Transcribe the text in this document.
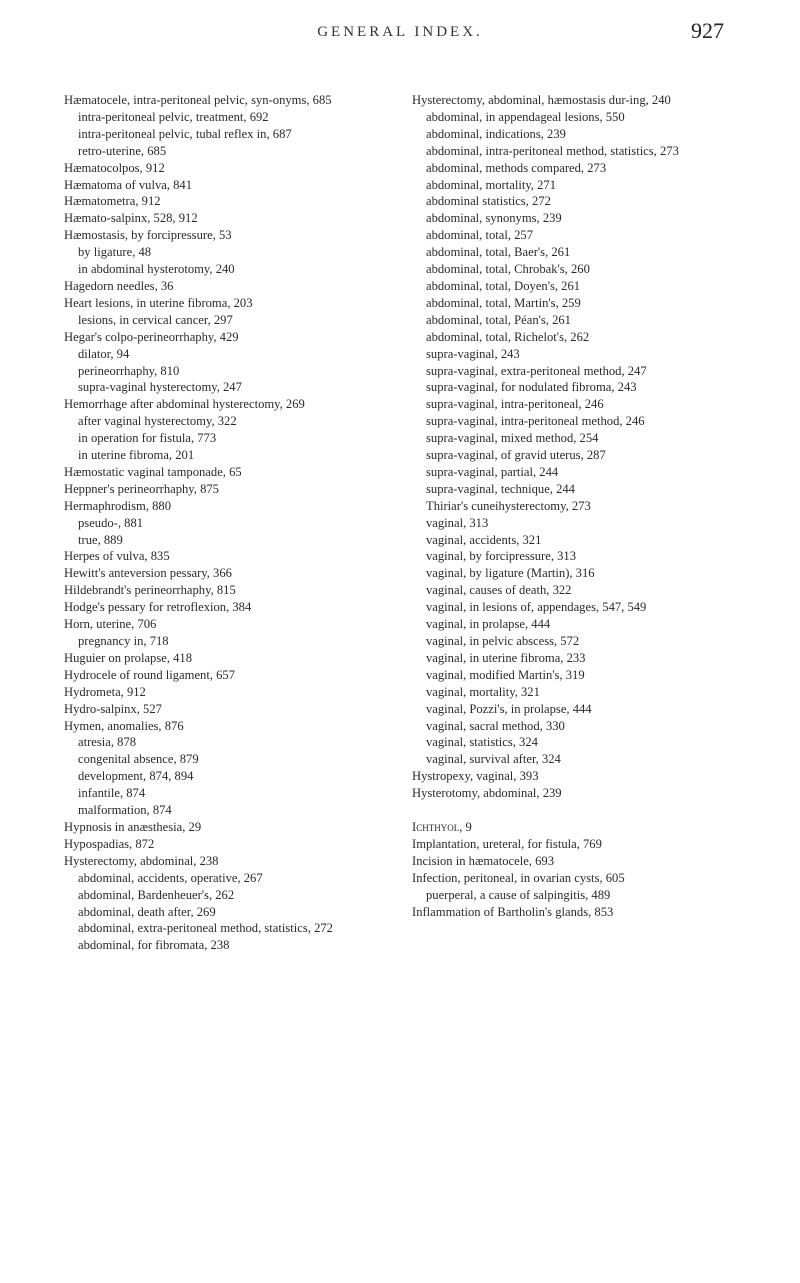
GENERAL INDEX.	927

Hæmatocele, intra-peritoneal pelvic, syn-onyms, 685

intra-peritoneal pelvic, treatment, 692

intra-peritoneal pelvic, tubal reflex in, 687

retro-uterine, 685

Hæmatocolpos, 912

Hæmatoma of vulva, 841

Hæmatometra, 912

Hæmato-salpinx, 528, 912

Hæmostasis, by forcipressure, 53

by ligature, 48

in abdominal hysterotomy, 240

Hagedorn needles, 36

Heart lesions, in uterine fibroma, 203

lesions, in cervical cancer, 297

Hegar's colpo-perineorrhaphy, 429

dilator, 94

perineorrhaphy, 810

supra-vaginal hysterectomy, 247

Hemorrhage after abdominal hysterectomy, 269

after vaginal hysterectomy, 322

in operation for fistula, 773

in uterine fibroma, 201

Hæmostatic vaginal tamponade, 65

Heppner's perineorrhaphy, 875

Hermaphrodism, 880

pseudo-, 881

true, 889

Herpes of vulva, 835

Hewitt's anteversion pessary, 366

Hildebrandt's perineorrhaphy, 815

Hodge's pessary for retroflexion, 384

Horn, uterine, 706

pregnancy in, 718

Huguier on prolapse, 418

Hydrocele of round ligament, 657

Hydrometa, 912

Hydro-salpinx, 527

Hymen, anomalies, 876

atresia, 878

congenital absence, 879

development, 874, 894

infantile, 874

malformation, 874

Hypnosis in anæsthesia, 29

Hypospadias, 872

Hysterectomy, abdominal, 238

abdominal, accidents, operative, 267

abdominal, Bardenheuer's, 262

abdominal, death after, 269

abdominal, extra-peritoneal method, statistics, 272

abdominal, for fibromata, 238

Hysterectomy, abdominal, hæmostasis dur-ing, 240

abdominal, in appendageal lesions, 550

abdominal, indications, 239

abdominal, intra-peritoneal method, statistics, 273

abdominal, methods compared, 273

abdominal, mortality, 271

abdominal statistics, 272

abdominal, synonyms, 239

abdominal, total, 257

abdominal, total, Baer's, 261

abdominal, total, Chrobak's, 260

abdominal, total, Doyen's, 261

abdominal, total, Martin's, 259

abdominal, total, Péan's, 261

abdominal, total, Richelot's, 262

supra-vaginal, 243

supra-vaginal, extra-peritoneal method, 247

supra-vaginal, for nodulated fibroma, 243

supra-vaginal, intra-peritoneal, 246

supra-vaginal, intra-peritoneal method, 246

supra-vaginal, mixed method, 254

supra-vaginal, of gravid uterus, 287

supra-vaginal, partial, 244

supra-vaginal, technique, 244

Thiriar's cuneihysterectomy, 273

vaginal, 313

vaginal, accidents, 321

vaginal, by forcipressure, 313

vaginal, by ligature (Martin), 316

vaginal, causes of death, 322

vaginal, in lesions of, appendages, 547, 549

vaginal, in prolapse, 444

vaginal, in pelvic abscess, 572

vaginal, in uterine fibroma, 233

vaginal, modified Martin's, 319

vaginal, mortality, 321

vaginal, Pozzi's, in prolapse, 444

vaginal, sacral method, 330

vaginal, statistics, 324

vaginal, survival after, 324

Hystropexy, vaginal, 393

Hysterotomy, abdominal, 239

Ichthyol, 9

Implantation, ureteral, for fistula, 769

Incision in hæmatocele, 693

Infection, peritoneal, in ovarian cysts, 605

puerperal, a cause of salpingitis, 489

Inflammation of Bartholin's glands, 853
